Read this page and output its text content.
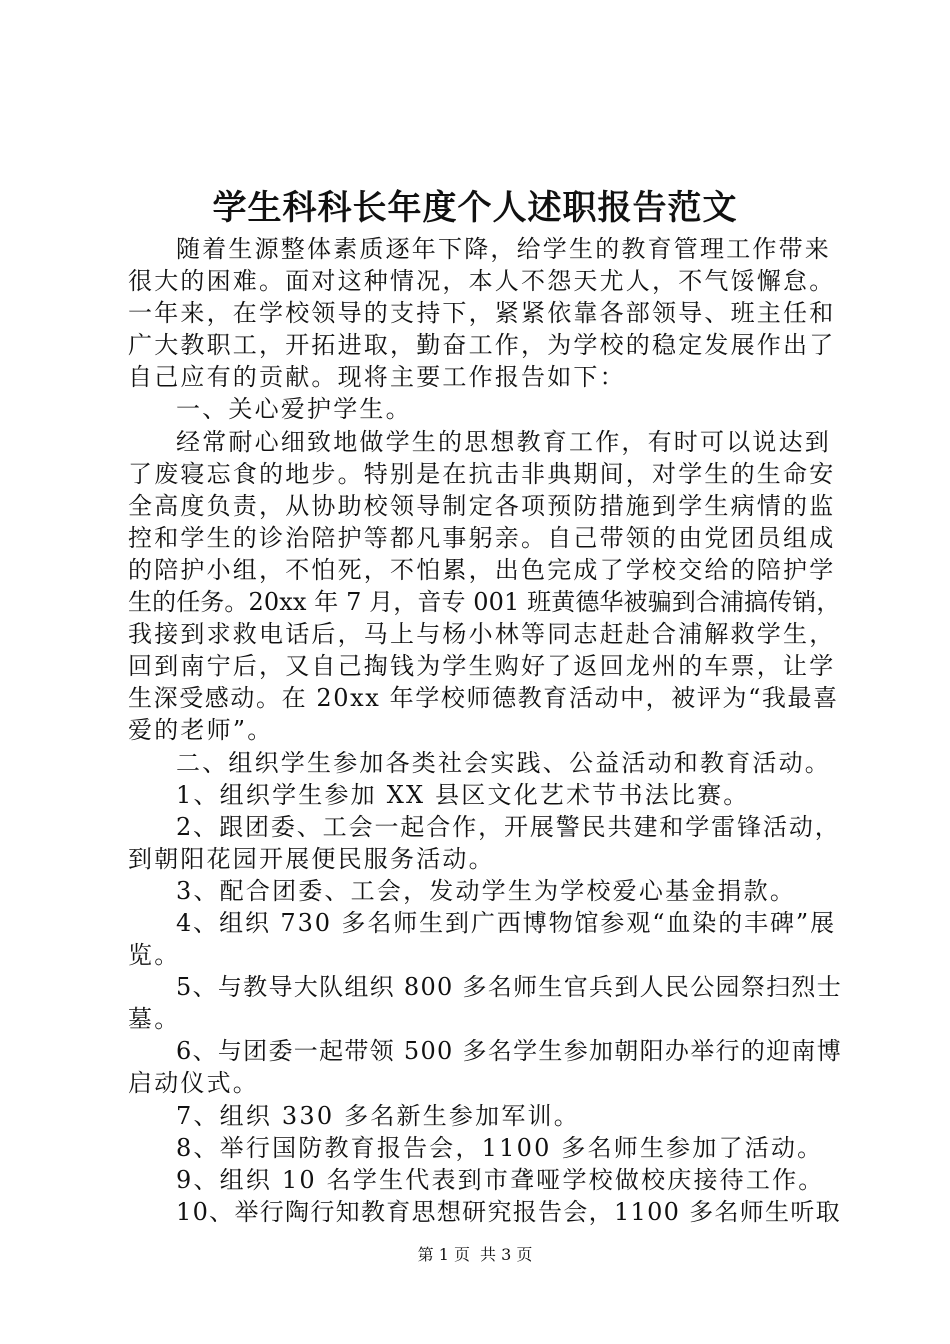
学生科科长年度个人述职报告范文
随着生源整体素质逐年下降，给学生的教育管理工作带来
很大的困难。面对这种情况，本人不怨天尤人，不气馁懈怠。
一年来，在学校领导的支持下，紧紧依靠各部领导、班主任和
广大教职工，开拓进取，勤奋工作，为学校的稳定发展作出了
自己应有的贡献。现将主要工作报告如下：
一、关心爱护学生。
经常耐心细致地做学生的思想教育工作，有时可以说达到
了废寝忘食的地步。特别是在抗击非典期间，对学生的生命安
全高度负责，从协助校领导制定各项预防措施到学生病情的监
控和学生的诊治陪护等都凡事躬亲。自己带领的由党团员组成
的陪护小组，不怕死，不怕累，出色完成了学校交给的陪护学
生的任务。20xx 年 7 月，音专 001 班黄德华被骗到合浦搞传销，
我接到求救电话后，马上与杨小林等同志赶赴合浦解救学生，
回到南宁后，又自己掏钱为学生购好了返回龙州的车票，让学
生深受感动。在 20xx 年学校师德教育活动中，被评为“我最喜
爱的老师”。
二、组织学生参加各类社会实践、公益活动和教育活动。
1、组织学生参加 XX 县区文化艺术节书法比赛。
2、跟团委、工会一起合作，开展警民共建和学雷锋活动，
到朝阳花园开展便民服务活动。
3、配合团委、工会，发动学生为学校爱心基金捐款。
4、组织 730 多名师生到广西博物馆参观“血染的丰碑”展
览。
5、与教导大队组织 800 多名师生官兵到人民公园祭扫烈士
墓。
6、与团委一起带领 500 多名学生参加朝阳办举行的迎南博
启动仪式。
7、组织 330 多名新生参加军训。
8、举行国防教育报告会，1100 多名师生参加了活动。
9、组织 10 名学生代表到市聋哑学校做校庆接待工作。
10、举行陶行知教育思想研究报告会，1100 多名师生听取
第 1 页 共 3 页
